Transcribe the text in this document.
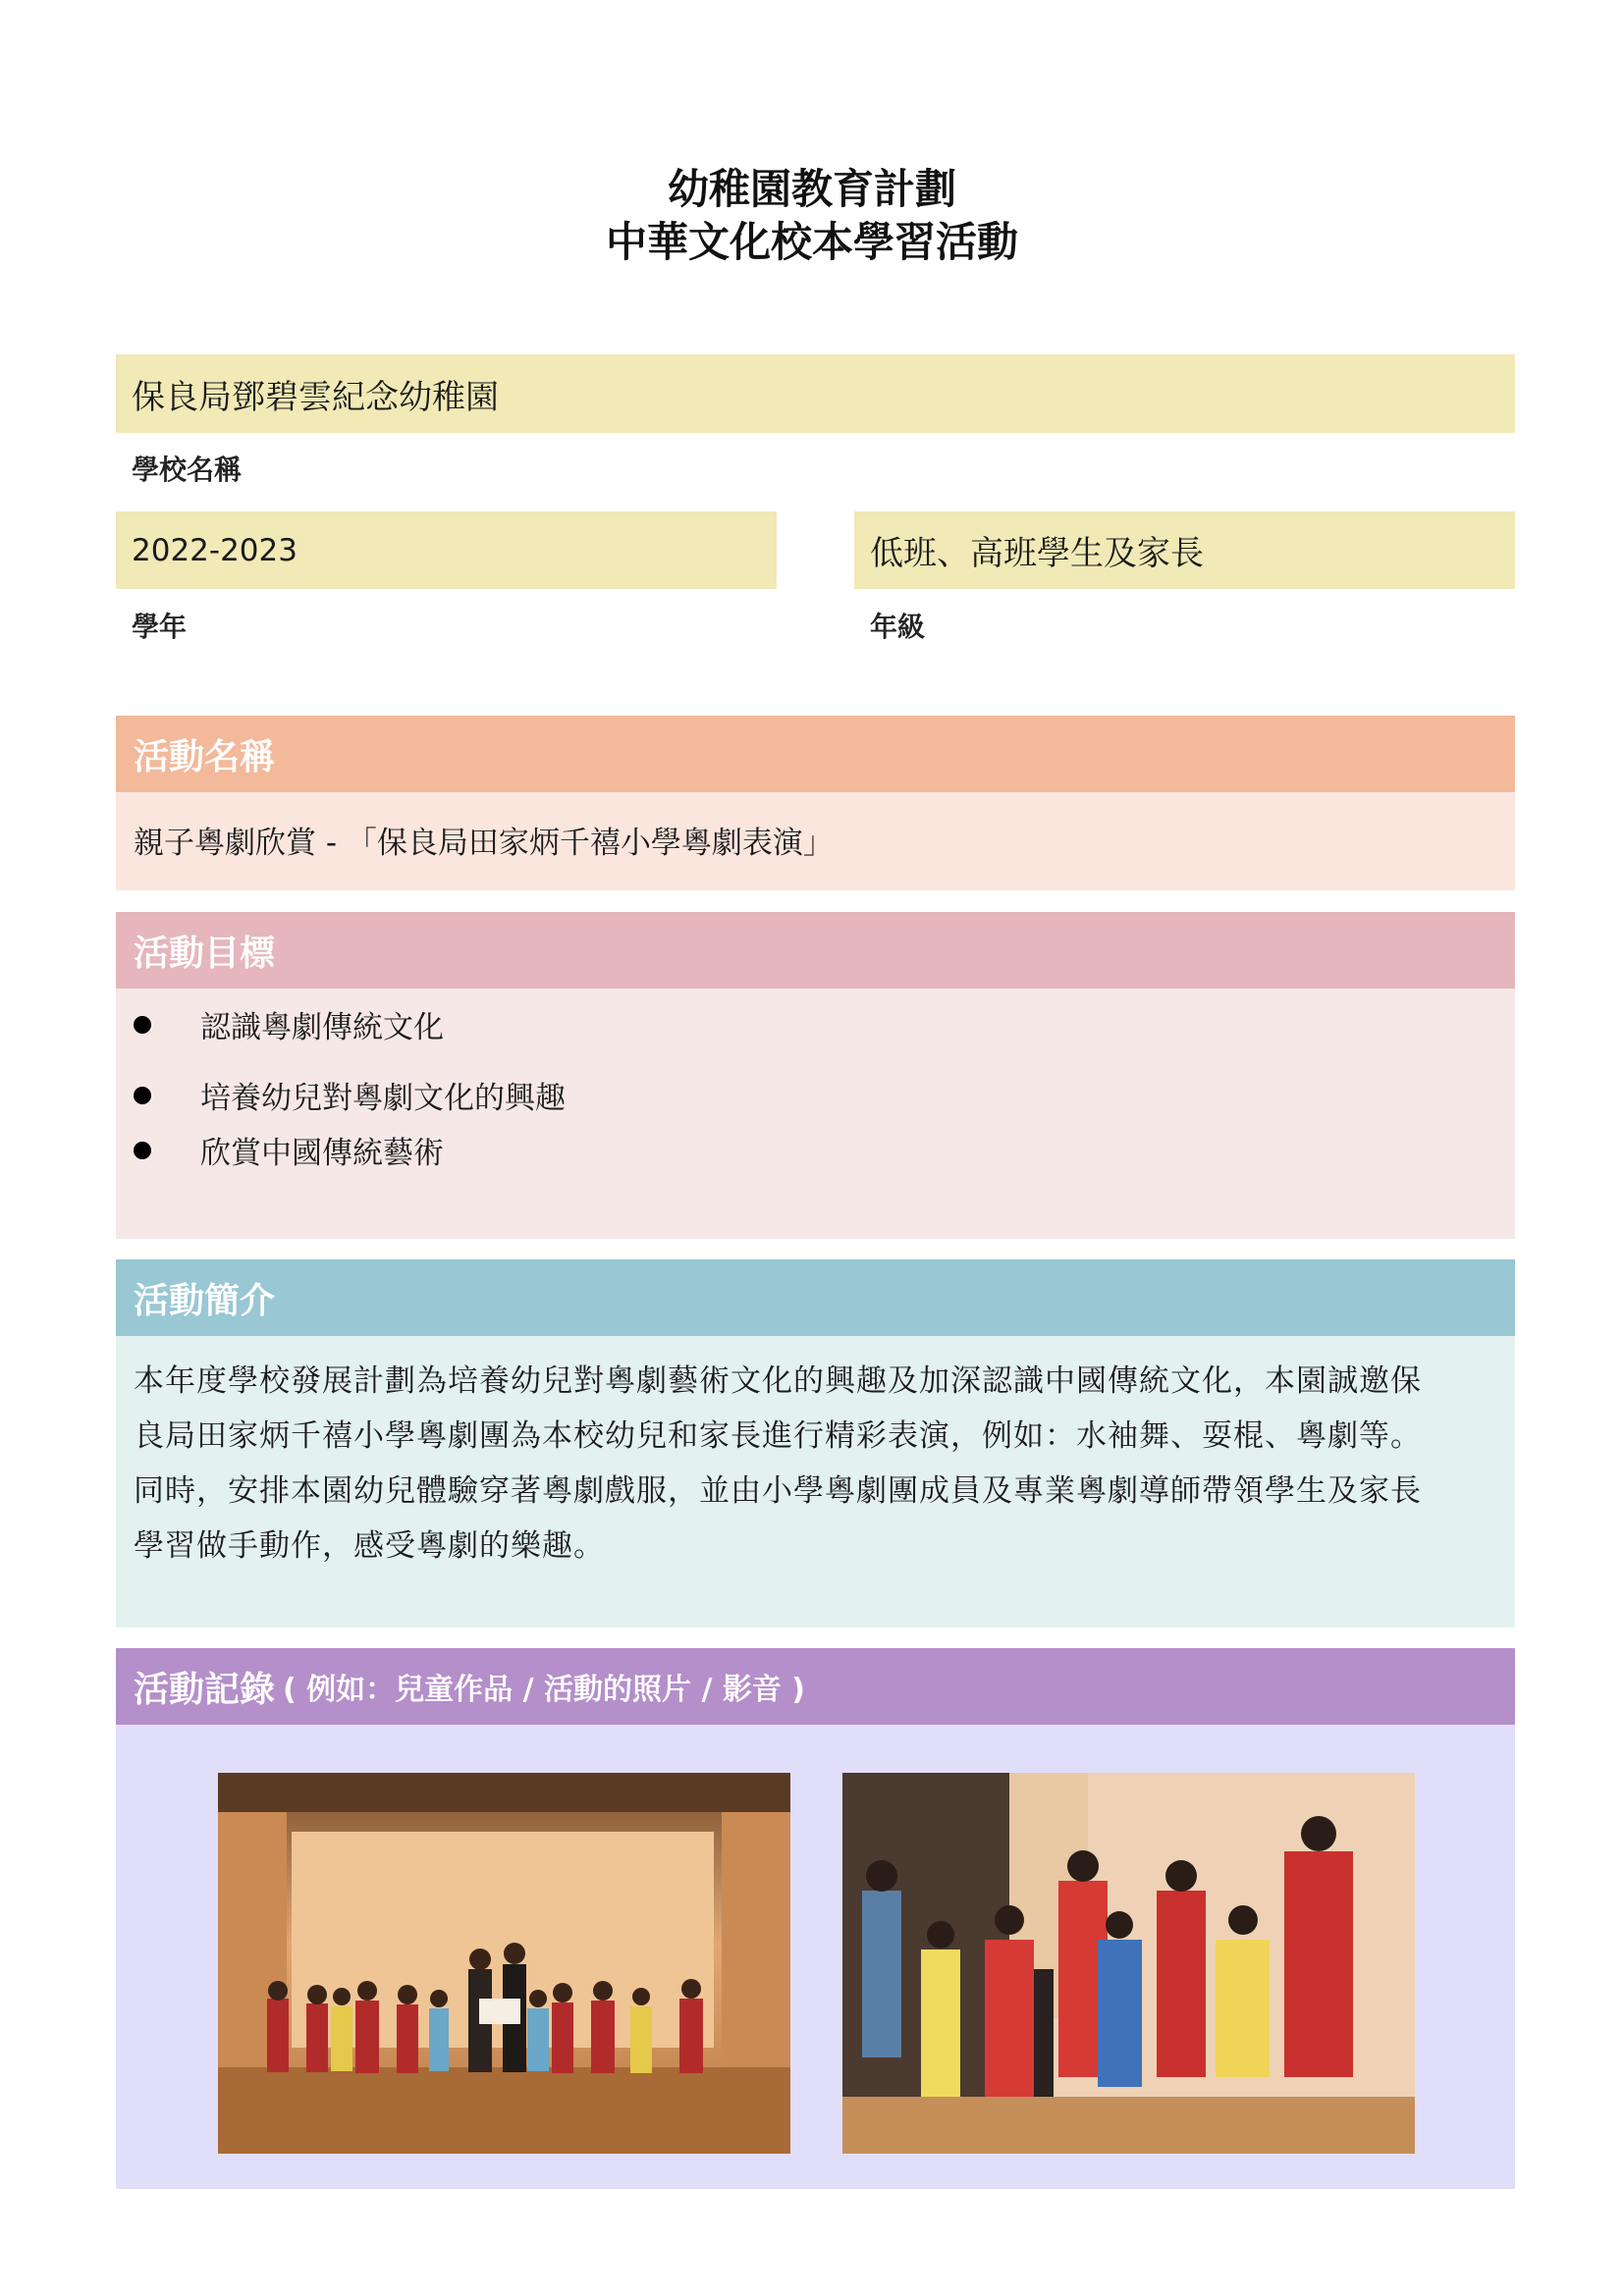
幼稚園教育計劃
中華文化校本學習活動
保良局鄧碧雲紀念幼稚園
學校名稱
2022-2023
學年
低班、高班學生及家長
年級
活動名稱
親子粵劇欣賞 - 「保良局田家炳千禧小學粵劇表演」
活動目標
認識粵劇傳統文化
培養幼兒對粵劇文化的興趣
欣賞中國傳統藝術
活動簡介
本年度學校發展計劃為培養幼兒對粵劇藝術文化的興趣及加深認識中國傳統文化，本園誠邀保
良局田家炳千禧小學粵劇團為本校幼兒和家長進行精彩表演，例如：水袖舞、耍棍、粵劇等。
同時，安排本園幼兒體驗穿著粵劇戲服，並由小學粵劇團成員及專業粵劇導師帶領學生及家長
學習做手動作，感受粵劇的樂趣。
活動記錄 ( 例如：兒童作品 / 活動的照片 / 影音 )
